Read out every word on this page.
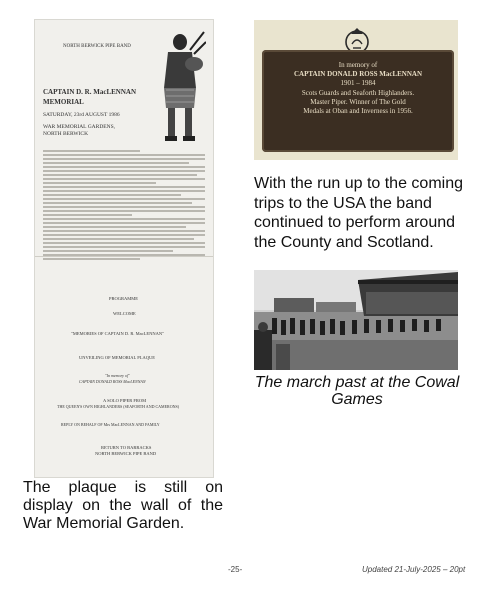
NORTH BERWICK PIPE BAND
CAPTAIN D. R. MacLENNAN
MEMORIAL
SATURDAY, 23rd AUGUST 1986
WAR MEMORIAL GARDENS,
NORTH BERWICK
PROGRAMME
WELCOME
"MEMORIES OF CAPTAIN D. R. MacLENNAN"
UNVEILING OF MEMORIAL PLAQUE
"In memory of"
CAPTAIN DONALD ROSS MacLENNAN
A SOLO PIPER FROM
THE QUEEN'S OWN HIGHLANDERS (SEAFORTH AND CAMERONS)
REPLY ON BEHALF OF Mrs MacLENNAN AND FAMILY
RETURN TO BARRACKS
NORTH BERWICK PIPE BAND
In memory of
CAPTAIN DONALD ROSS MacLENNAN
1901 – 1984
Scots Guards and Seaforth Highlanders.
Master Piper. Winner of The Gold
Medals at Oban and Inverness in 1956.
With the run up to the coming trips to the USA the band continued to perform around the County and Scotland.
The march past at the Cowal Games
The plaque is still on display on the wall of the War Memorial Garden.
-25-	Updated 21-July-2025 – 20pt
